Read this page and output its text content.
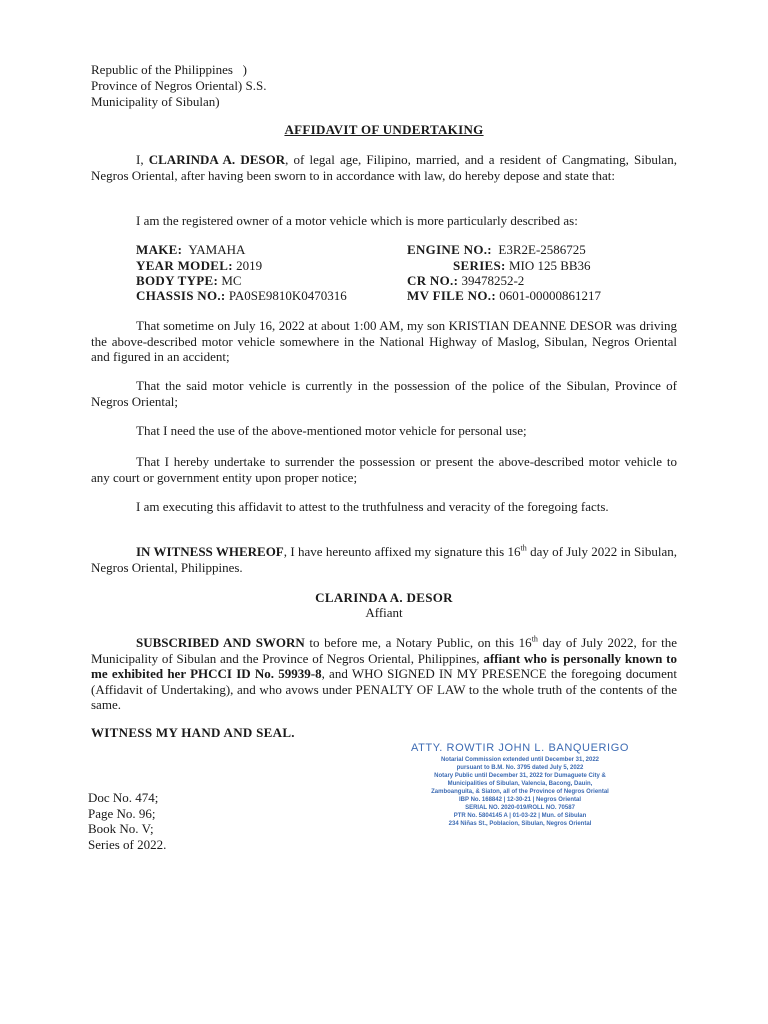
Republic of the Philippines   )
Province of Negros Oriental) S.S.
Municipality of Sibulan)
AFFIDAVIT OF UNDERTAKING
I, CLARINDA A. DESOR, of legal age, Filipino, married, and a resident of Cangmating, Sibulan, Negros Oriental, after having been sworn to in accordance with law, do hereby depose and state that:
I am the registered owner of a motor vehicle which is more particularly described as:
MAKE: YAMAHA	ENGINE NO.: E3R2E-2586725
YEAR MODEL: 2019	SERIES: MIO 125 BB36
BODY TYPE: MC	CR NO.: 39478252-2
CHASSIS NO.: PA0SE9810K0470316	MV FILE NO.: 0601-00000861217
That sometime on July 16, 2022 at about 1:00 AM, my son KRISTIAN DEANNE DESOR was driving the above-described motor vehicle somewhere in the National Highway of Maslog, Sibulan, Negros Oriental and figured in an accident;
That the said motor vehicle is currently in the possession of the police of the Sibulan, Province of Negros Oriental;
That I need the use of the above-mentioned motor vehicle for personal use;
That I hereby undertake to surrender the possession or present the above-described motor vehicle to any court or government entity upon proper notice;
I am executing this affidavit to attest to the truthfulness and veracity of the foregoing facts.
IN WITNESS WHEREOF, I have hereunto affixed my signature this 16th day of July 2022 in Sibulan, Negros Oriental, Philippines.
CLARINDA A. DESOR
Affiant
SUBSCRIBED AND SWORN to before me, a Notary Public, on this 16th day of July 2022, for the Municipality of Sibulan and the Province of Negros Oriental, Philippines, affiant who is personally known to me exhibited her PHCCI ID No. 59939-8, and WHO SIGNED IN MY PRESENCE the foregoing document (Affidavit of Undertaking), and who avows under PENALTY OF LAW to the whole truth of the contents of the same.
WITNESS MY HAND AND SEAL.
ATTY. ROWTIR JOHN L. BANQUERIGO
Notarial Commission extended until December 31, 2022
pursuant to B.M. No. 3795 dated July 5, 2022
Notary Public until December 31, 2022 for Dumaguete City &
Municipalities of Sibulan, Valencia, Bacong, Dauin,
Zamboanguita, & Siaton, all of the Province of Negros Oriental
IBP No. 168842 | 12-30-21 | Negros Oriental
SERIAL NO. 2020-019/ROLL NO. 70587
PTR No. 5804145 A | 01-03-22 | Mun. of Sibulan
234 Niñas St., Poblacion, Sibulan, Negros Oriental
Doc No. 474;
Page No. 96;
Book No. V;
Series of 2022.
